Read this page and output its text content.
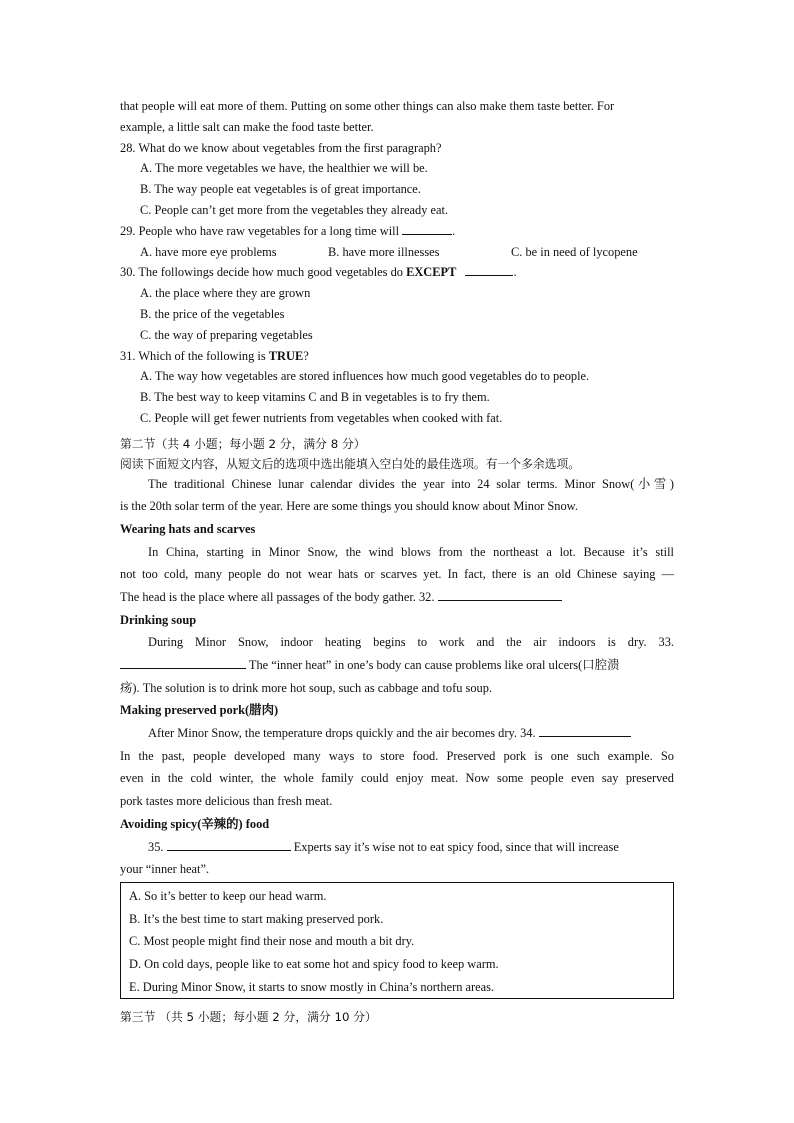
that people will eat more of them. Putting on some other things can also make them taste better. For
example, a little salt can make the food taste better.
28. What do we know about vegetables from the first paragraph?
A. The more vegetables we have, the healthier we will be.
B. The way people eat vegetables is of great importance.
C. People can’t get more from the vegetables they already eat.
29. People who have raw vegetables for a long time will	.
A. have more eye problems	B. have more illnesses	C. be in need of lycopene
30. The followings decide how much good vegetables do EXCEPT	.
A. the place where they are grown
B. the price of the vegetables
C. the way of preparing vegetables
31. Which of the following is TRUE?
A. The way how vegetables are stored influences how much good vegetables do to people.
B. The best way to keep vitamins C and B in vegetables is to fry them.
C. People will get fewer nutrients from vegetables when cooked with fat.
第二节（共 4 小题；每小题 2 分，满分 8 分）
阅读下面短文内容，从短文后的选项中选出能填入空白处的最佳选项。有一个多余选项。
The traditional Chinese lunar calendar divides the year into 24 solar terms. Minor Snow(小雪)
is the 20th solar term of the year. Here are some things you should know about Minor Snow.
Wearing hats and scarves
In China, starting in Minor Snow, the wind blows from the northeast a lot. Because it’s still
not too cold, many people do not wear hats or scarves yet. In fact, there is an old Chinese saying —
The head is the place where all passages of the body gather. 32.
Drinking soup
During Minor Snow, indoor heating begins to work and the air indoors is dry. 33.
The “inner heat” in one’s body can cause problems like oral ulcers(口腔溃
疡). The solution is to drink more hot soup, such as cabbage and tofu soup.
Making preserved pork(腊肉)
After Minor Snow, the temperature drops quickly and the air becomes dry. 34.
In the past, people developed many ways to store food. Preserved pork is one such example. So
even in the cold winter, the whole family could enjoy meat. Now some people even say preserved
pork tastes more delicious than fresh meat.
Avoiding spicy(辛辣的) food
35.	Experts say it’s wise not to eat spicy food, since that will increase
your “inner heat”.
A. So it’s better to keep our head warm.
B. It’s the best time to start making preserved pork.
C. Most people might find their nose and mouth a bit dry.
D. On cold days, people like to eat some hot and spicy food to keep warm.
E. During Minor Snow, it starts to snow mostly in China’s northern areas.
第三节 （共 5 小题；每小题 2 分，满分 10 分）
